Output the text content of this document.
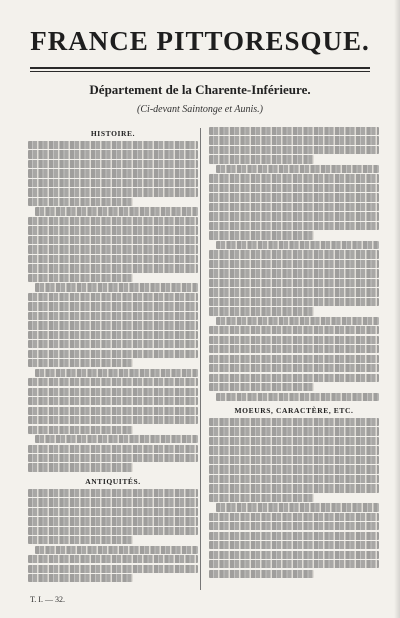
FRANCE PITTORESQUE.
Département de la Charente-Inférieure.
(Ci-devant Saintonge et Aunis.)
HISTOIRE.
ANTIQUITÉS.
MOEURS, CARACTÈRE, ETC.
T. I. — 32.
